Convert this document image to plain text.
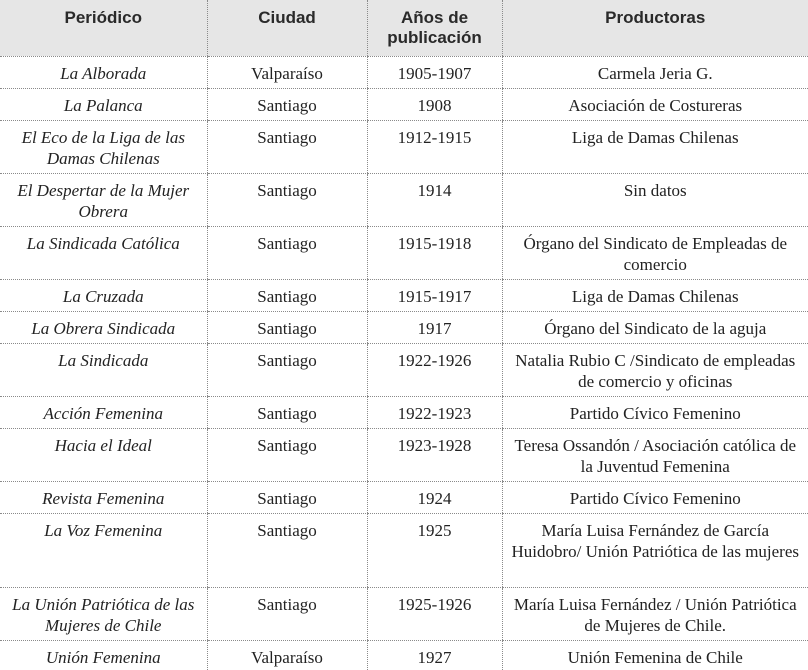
Periódico	Ciudad	Años de publicación	Productoras
La Alborada	Valparaíso	1905-1907	Carmela Jeria G.
La Palanca	Santiago	1908	Asociación de Costureras
El Eco de la Liga de las Damas Chilenas	Santiago	1912-1915	Liga de Damas Chilenas
El Despertar de la Mujer Obrera	Santiago	1914	Sin datos
La Sindicada Católica	Santiago	1915-1918	Órgano del Sindicato de Empleadas de comercio
La Cruzada	Santiago	1915-1917	Liga de Damas Chilenas
La Obrera Sindicada	Santiago	1917	Órgano del Sindicato de la aguja
La Sindicada	Santiago	1922-1926	Natalia Rubio C /Sindicato de empleadas de comercio y oficinas
Acción Femenina	Santiago	1922-1923	Partido Cívico Femenino
Hacia el Ideal	Santiago	1923-1928	Teresa Ossandón / Asociación católica de la Juventud Femenina
Revista Femenina	Santiago	1924	Partido Cívico Femenino
La Voz Femenina	Santiago	1925	María Luisa Fernández de García Huidobro/ Unión Patriótica de las mujeres
La Unión Patriótica de las Mujeres de Chile	Santiago	1925-1926	María Luisa Fernández / Unión Patriótica de Mujeres de Chile.
Unión Femenina	Valparaíso	1927	Unión Femenina de Chile
